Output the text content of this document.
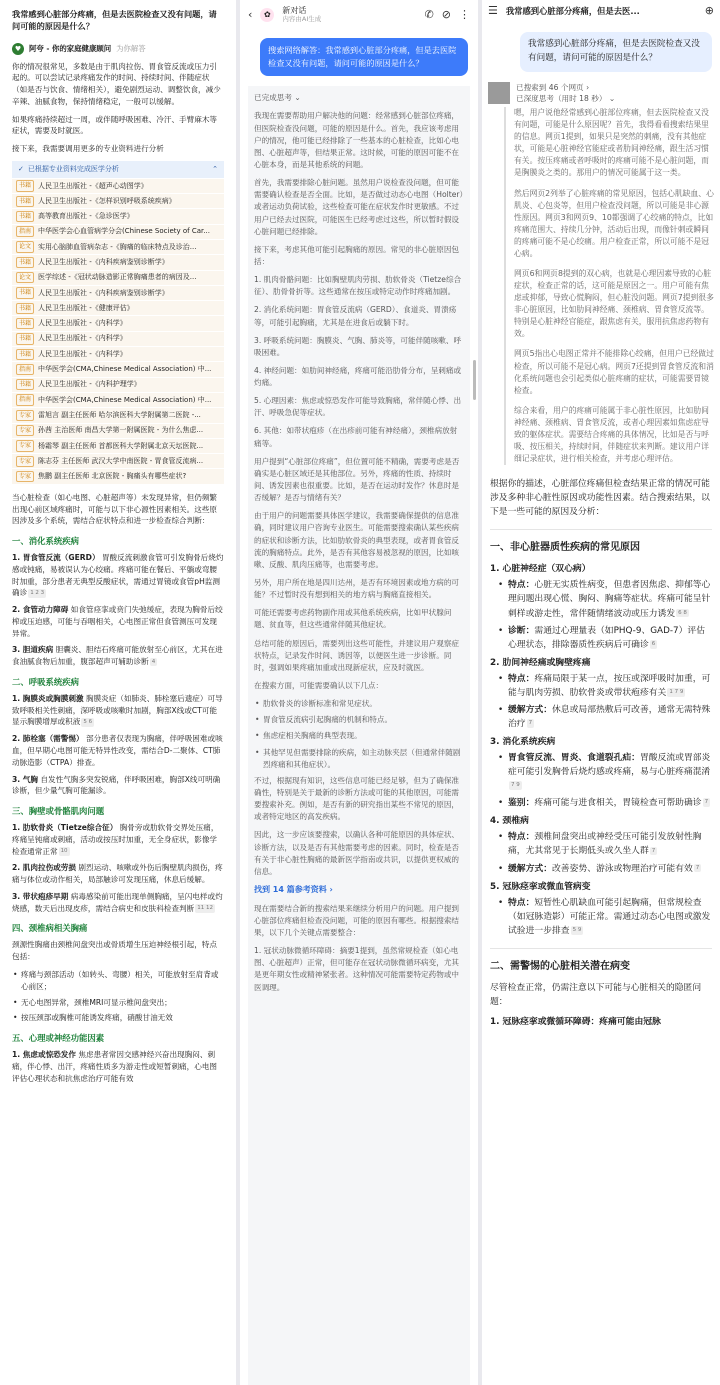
我常感到心脏部分疼痛，但是去医院检查又没有问题，请问可能的原因是什么？
♥	阿夸 - 你的家庭健康顾问 为你解答

你的情况很常见，多数是由于肌肉拉伤、胃食管反流或压力引起的。可以尝试记录疼痛发作的时间、持续时间、伴随症状（如是否与饮食、情绪相关），避免剧烈运动、调整饮食，减少辛辣、油腻食物，保持情绪稳定，一般可以缓解。

如果疼痛持续超过一周，或伴随呼吸困难、冷汗、手臂麻木等症状，需要及时就医。

接下来，我需要调用更多的专业资料进行分析

✓ 已根据专业资料完成医学分析	⌃
书籍	人民卫生出版社 -《超声心动图学》
书籍	人民卫生出版社 -《怎样识别呼吸系统疾病》
书籍	高等教育出版社 -《急诊医学》
指南	中华医学会心血管病学分会(Chinese Society of Car...
论文	实用心脑肺血管病杂志 -《胸痛的临床特点及诊治...
书籍	人民卫生出版社 -《内科疾病鉴别诊断学》
论文	医学综述 -《冠状动脉造影正常胸痛患者的病因及...
书籍	人民卫生出版社 -《内科疾病鉴别诊断学》
书籍	人民卫生出版社 -《健康评估》
书籍	人民卫生出版社 -《内科学》
书籍	人民卫生出版社 -《内科学》
书籍	人民卫生出版社 -《内科学》
指南	中华医学会(CMA,Chinese Medical Association) 中...
书籍	人民卫生出版社 -《内科护理学》
指南	中华医学会(CMA,Chinese Medical Association) 中...
专家	雷旭言 副主任医师 哈尔滨医科大学附属第二医院 -...
专家	孙茜 主治医师 南昌大学第一附属医院 - 为什么焦虑...
专家	杨霜琴 副主任医师 首都医科大学附属北京天坛医院...
专家	陈志芬 主任医师 武汉大学中南医院 - 胃食管反流病...
专家	焦鹏 副主任医师 北京医院 - 胸痛头有哪些症状?

当心脏检查（如心电图、心脏超声等）未发现异常，但仍频繁出现心前区域疼痛时，可能与以下非心源性因素相关。这些原因涉及多个系统，需结合症状特点和进一步检查综合判断：

一、消化系统疾病
1. 胃食管反流（GERD） 胃酸反流刺激食管可引发胸骨后烧灼感或钝痛，易被误认为心绞痛。疼痛可能在餐后、平躺或弯腰时加重，部分患者无典型反酸症状，需通过胃镜或食管pH监测确诊 1 2 3
2. 食管动力障碍 如食管痉挛或贲门失弛缓症，表现为胸骨后绞榨或压迫感，可能与吞咽相关，心电图正常但食管测压可发现异常。
3. 胆道疾病 胆囊炎、胆结石疼痛可能放射至心前区，尤其在进食油腻食物后加重，腹部超声可辅助诊断 4
二、呼吸系统疾病
1. 胸膜炎或胸膜刺激 胸膜炎症（如肺炎、肺栓塞后遗症）可导致呼吸相关性刺痛，深呼吸或咳嗽时加剧，胸部X线或CT可能显示胸膜增厚或积液 5 6
2. 肺栓塞（需警惕） 部分患者仅表现为胸痛，伴呼吸困难或咳血，但早期心电图可能无特异性改变，需结合D-二聚体、CT肺动脉造影（CTPA）排查。
3. 气胸 自发性气胸多突发锐痛，伴呼吸困难，胸部X线可明确诊断，但少量气胸可能漏诊。
三、胸壁或骨骼肌肉问题
1. 肋软骨炎（Tietze综合征） 胸骨旁或肋软骨交界处压痛，疼痛呈钝痛或刺痛，活动或按压时加重，无全身症状，影像学检查通常正常 10
2. 肌肉拉伤或劳损 剧烈运动、咳嗽或外伤后胸壁肌肉损伤，疼痛与体位或动作相关，局部触诊可发现压痛，休息后缓解。
3. 带状疱疹早期 病毒感染前可能出现单侧胸痛，呈闪电样或灼烧感，数天后出现皮疹，需结合病史和皮肤科检查判断 11 12
四、颈椎病相关胸痛

颈源性胸痛由颈椎间盘突出或骨质增生压迫神经根引起，特点包括：

• 疼痛与颈部活动（如转头、弯腰）相关，可能放射至肩背或心前区；
• 无心电图异常，颈椎MRI可显示椎间盘突出；
• 按压颈部或胸椎可能诱发疼痛，硝酸甘油无效
五、心理或神经功能因素
1. 焦虑或惊恐发作 焦虑患者常因交感神经兴奋出现胸闷、刺痛，伴心悸、出汗，疼痛性质多为游走性或短暂刺痛，心电图评估心理状态和抗焦虑治疗可能有效
‹	✿	新对话
内容由AI生成	✆ ⊘ ⋮
搜索网络解答：我常感到心脏部分疼痛，但是去医院检查又没有问题，请问可能的原因是什么？
已完成思考 ⌄

我现在需要帮助用户解决他的问题：经常感到心脏部位疼痛，但医院检查没问题，可能的原因是什么。首先，我应该考虑用户的情况，他可能已经排除了一些基本的心脏检查，比如心电图、心脏超声等，但结果正常。这时候，可能的原因可能不在心脏本身，而是其他系统的问题。

首先，我需要排除心脏问题。虽然用户说检查没问题，但可能需要确认检查是否全面。比如，是否做过动态心电图（Holter）或者运动负荷试验，这些检查可能在症状发作时更敏感。不过用户已经去过医院，可能医生已经考虑过这些，所以暂时假设心脏问题已经排除。

接下来，考虑其他可能引起胸痛的原因。常见的非心脏原因包括：

1. 肌肉骨骼问题：比如胸壁肌肉劳损、肋软骨炎（Tietze综合征）、肋骨骨折等。这些通常在按压或特定动作时疼痛加剧。
2. 消化系统问题：胃食管反流病（GERD）、食道炎、胃溃疡等，可能引起胸痛，尤其是在进食后或躺下时。
3. 呼吸系统问题：胸膜炎、气胸、肺炎等，可能伴随咳嗽、呼吸困难。
4. 神经问题：如肋间神经痛，疼痛可能沿肋骨分布，呈刺痛或灼痛。
5. 心理因素：焦虑或惊恐发作可能导致胸痛，常伴随心悸、出汗、呼吸急促等症状。
6. 其他：如带状疱疹（在出疹前可能有神经痛），颈椎病放射痛等。

用户提到“心脏部位疼痛”，但位置可能不精确，需要考虑是否确实是心脏区域还是其他部位。另外，疼痛的性质、持续时间、诱发因素也很重要。比如，是否在运动时发作？休息时是否缓解？是否与情绪有关？

由于用户的问题需要具体医学建议，我需要确保提供的信息准确，同时建议用户咨询专业医生。可能需要搜索确认某些疾病的症状和诊断方法，比如肋软骨炎的典型表现，或者胃食管反流的胸痛特点。此外，是否有其他容易被忽视的原因，比如咳嗽、反酸、肌肉压痛等，也需要考虑。

另外，用户所在地是四川达州，是否有环境因素或地方病的可能？不过暂时没有想到相关的地方病与胸痛直接相关。

可能还需要考虑药物副作用或其他系统疾病，比如甲状腺问题、贫血等，但这些通常伴随其他症状。

总结可能的原因后，需要列出这些可能性，并建议用户观察症状特点，记录发作时间、诱因等，以便医生进一步诊断。同时，强调如果疼痛加重或出现新症状，应及时就医。

在搜索方面，可能需要确认以下几点：

• 肋软骨炎的诊断标准和常见症状。
• 胃食管反流病引起胸痛的机制和特点。
• 焦虑症相关胸痛的典型表现。
• 其他罕见但需要排除的疾病，如主动脉夹层（但通常伴随剧烈疼痛和其他症状）。

不过，根据现有知识，这些信息可能已经足够，但为了确保准确性，特别是关于最新的诊断方法或可能的其他原因，可能需要搜索补充。例如，是否有新的研究指出某些不常见的原因，或者特定地区的高发疾病。

因此，这一步应该要搜索，以确认各种可能原因的具体症状、诊断方法，以及是否有其他需要考虑的因素。同时，检查是否有关于非心脏性胸痛的最新医学指南或共识，以提供更权威的信息。

找到 14 篇参考资料 ›

现在需要结合新的搜索结果来继续分析用户的问题。用户提到心脏部位疼痛但检查没问题，可能的原因有哪些。根据搜索结果，以下几个关键点需要整合：

1. 冠状动脉微循环障碍：摘要1提到，虽然常规检查（如心电图、心脏超声）正常，但可能存在冠状动脉微循环病变，尤其是更年期女性或精神紧张者。这种情况可能需要特定药物或中医调理。
☰ 我常感到心脏部分疼痛，但是去医...	⊕
我常感到心脏部分疼痛，但是去医院检查又没有问题，请问可能的原因是什么？
已搜索到 46 个网页 ›
已深度思考（用时 18 秒） ⌄

嗯，用户说他经常感到心脏部位疼痛，但去医院检查又没有问题，可能是什么原因呢？首先，我得看看搜索结果里的信息。网页1提到，如果只是突然的刺痛，没有其他症状，可能是心脏神经官能症或者肋间神经痛，跟生活习惯有关。按压疼痛或者呼吸时的疼痛可能不是心脏问题，而是胸膜炎之类的。那用户的情况可能属于这一类。

然后网页2列举了心脏疼痛的常见原因，包括心肌缺血、心肌炎、心包炎等，但用户检查没问题，所以可能是非心源性原因。网页3和网页9、10都强调了心绞痛的特点，比如疼痛范围大、持续几分钟，活动后出现，而像针刺或瞬间的疼痛可能不是心绞痛。用户检查正常，所以可能不是冠心病。

网页6和网页8提到的双心病，也就是心理因素导致的心脏症状，检查正常的话，这可能是原因之一。用户可能有焦虑或抑郁，导致心慌胸闷，但心脏没问题。网页7提到很多非心脏原因，比如肋间神经痛、颈椎病、胃食管反流等。特别是心脏神经官能症，跟焦虑有关，服用抗焦虑药物有效。

网页5指出心电图正常并不能排除心绞痛，但用户已经做过检查，所以可能不是冠心病。网页7还提到胃食管反流和消化系统问题也会引起类似心脏疼痛的症状，可能需要胃镜检查。

综合来看，用户的疼痛可能属于非心脏性原因，比如肋间神经痛、颈椎病、胃食管反流，或者心理因素如焦虑症导致的躯体症状。需要结合疼痛的具体情况，比如是否与呼吸、按压相关，持续时间，伴随症状来判断。建议用户详细记录症状，进行相关检查，并考虑心理评估。

根据你的描述，心脏部位疼痛但检查结果正常的情况可能涉及多种非心脏性原因或功能性因素。结合搜索结果，以下是一些可能的原因及分析：

一、非心脏器质性疾病的常见原因
1. 心脏神经症（双心病）
• 特点：心脏无实质性病变，但患者因焦虑、抑郁等心理问题出现心慌、胸闷、胸痛等症状。疼痛可能呈针刺样或游走性，常伴随情绪波动或压力诱发 6 8
• 诊断：需通过心理量表（如PHQ-9、GAD-7）评估心理状态，排除器质性疾病后可确诊 6
2. 肋间神经痛或胸壁疼痛
• 特点：疼痛局限于某一点，按压或深呼吸时加重，可能与肌肉劳损、肋软骨炎或带状疱疹有关 1 7 9
• 缓解方式：休息或局部热敷后可改善，通常无需特殊治疗 7
3. 消化系统疾病
• 胃食管反流、胃炎、食道裂孔疝：胃酸反流或胃部炎症可能引发胸骨后烧灼感或疼痛，易与心脏疼痛混淆7 9
• 鉴别：疼痛可能与进食相关，胃镜检查可帮助确诊 7
4. 颈椎病
• 特点：颈椎间盘突出或神经受压可能引发放射性胸痛，尤其常见于长期低头或久坐人群 7
• 缓解方式：改善姿势、游泳或物理治疗可能有效 7
5. 冠脉痉挛或微血管病变
• 特点：短暂性心肌缺血可能引起胸痛，但常规检查（如冠脉造影）可能正常。需通过动态心电图或激发试验进一步排查 5 9
二、需警惕的心脏相关潜在病变

尽管检查正常，仍需注意以下可能与心脏相关的隐匿问题：

1. 冠脉痉挛或微循环障碍：疼痛可能由冠脉
